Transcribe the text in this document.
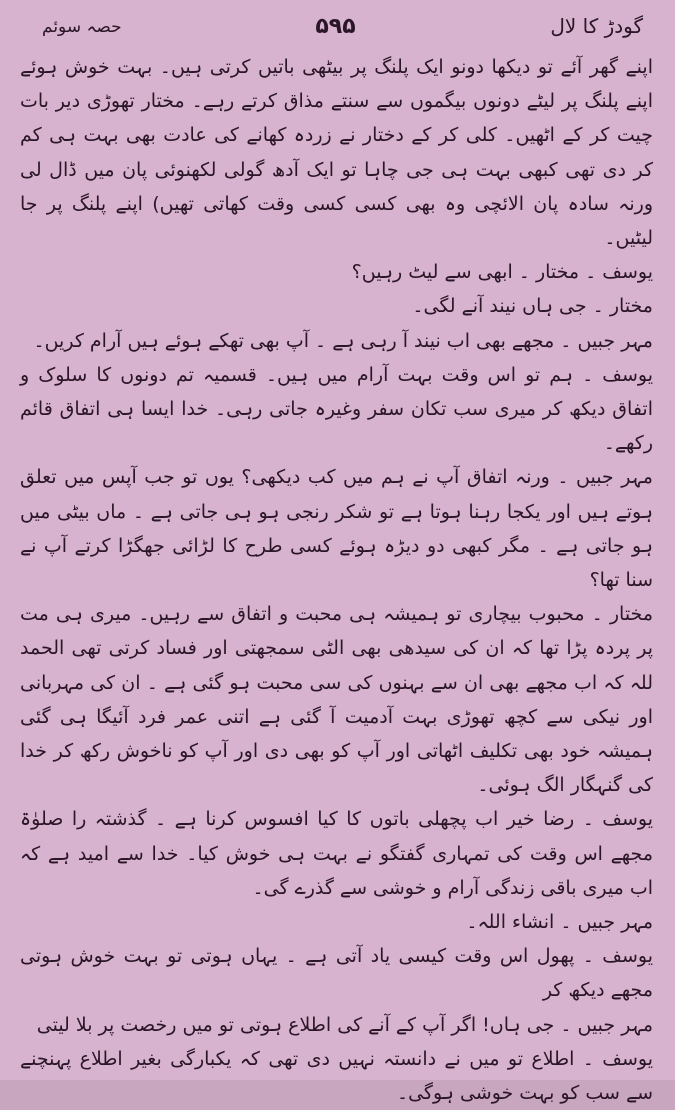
حصہ سوئم	۵۹۵	گودڑ کا لال

اپنے گھر آئے تو دیکھا دونو ایک پلنگ پر بیٹھی باتیں کرتی ہیں۔ بہت خوش ہوئے اپنے پلنگ پر لیٹے دونوں بیگموں سے سنتے مذاق کرتے رہے۔ مختار تھوڑی دیر بات چیت کر کے اٹھیں۔ کلی کر کے دختار نے زردہ کھانے کی عادت بھی بہت ہی کم کر دی تھی کبھی بہت ہی جی چاہا تو ایک آدھ گولی لکھنوئی پان میں ڈال لی ورنہ سادہ پان الائچی وہ بھی کسی کسی وقت کھاتی تھیں) اپنے پلنگ پر جا لیٹیں۔

یوسف ۔ مختار ۔ ابھی سے لیٹ رہیں؟

مختار ۔ جی ہاں نیند آنے لگی۔

مہر جبیں ۔ مجھے بھی اب نیند آ رہی ہے ۔ آپ بھی تھکے ہوئے ہیں آرام کریں۔

یوسف ۔ ہم تو اس وقت بہت آرام میں ہیں۔ قسمیہ تم دونوں کا سلوک و اتفاق دیکھ کر میری سب تکان سفر وغیرہ جاتی رہی۔ خدا ایسا ہی اتفاق قائم رکھے۔

مہر جبیں ۔ ورنہ اتفاق آپ نے ہم میں کب دیکھی؟ یوں تو جب آپس میں تعلق ہوتے ہیں اور یکجا رہنا ہوتا ہے تو شکر رنجی ہو ہی جاتی ہے ۔ ماں بیٹی میں ہو جاتی ہے ۔ مگر کبھی دو دیڑہ ہوئے کسی طرح کا لڑائی جھگڑا کرتے آپ نے سنا تھا؟

مختار ۔ محبوب بیچاری تو ہمیشہ ہی محبت و اتفاق سے رہیں۔ میری ہی مت پر پردہ پڑا تھا کہ ان کی سیدھی بھی الٹی سمجھتی اور فساد کرتی تھی الحمد للہ کہ اب مجھے بھی ان سے بہنوں کی سی محبت ہو گئی ہے ۔ ان کی مہربانی اور نیکی سے کچھ تھوڑی بہت آدمیت آ گئی ہے اتنی عمر فرد آئیگا ہی گئی ہمیشہ خود بھی تکلیف اٹھاتی اور آپ کو بھی دی اور آپ کو ناخوش رکھ کر خدا کی گنہگار الگ ہوئی۔

یوسف ۔ رضا خیر اب پچھلی باتوں کا کیا افسوس کرنا ہے ۔ گذشتہ را صلوٰۃ مجھے اس وقت کی تمہاری گفتگو نے بہت ہی خوش کیا۔ خدا سے امید ہے کہ اب میری باقی زندگی آرام و خوشی سے گذرے گی۔

مہر جبیں ۔ انشاء اللہ۔

یوسف ۔ پھول اس وقت کیسی یاد آتی ہے ۔ یہاں ہوتی تو بہت خوش ہوتی مجھے دیکھ کر

مہر جبیں ۔ جی ہاں! اگر آپ کے آنے کی اطلاع ہوتی تو میں رخصت پر بلا لیتی

یوسف ۔ اطلاع تو میں نے دانستہ نہیں دی تھی کہ یکبارگی بغیر اطلاع پہنچنے سے سب کو بہت خوشی ہوگی۔
